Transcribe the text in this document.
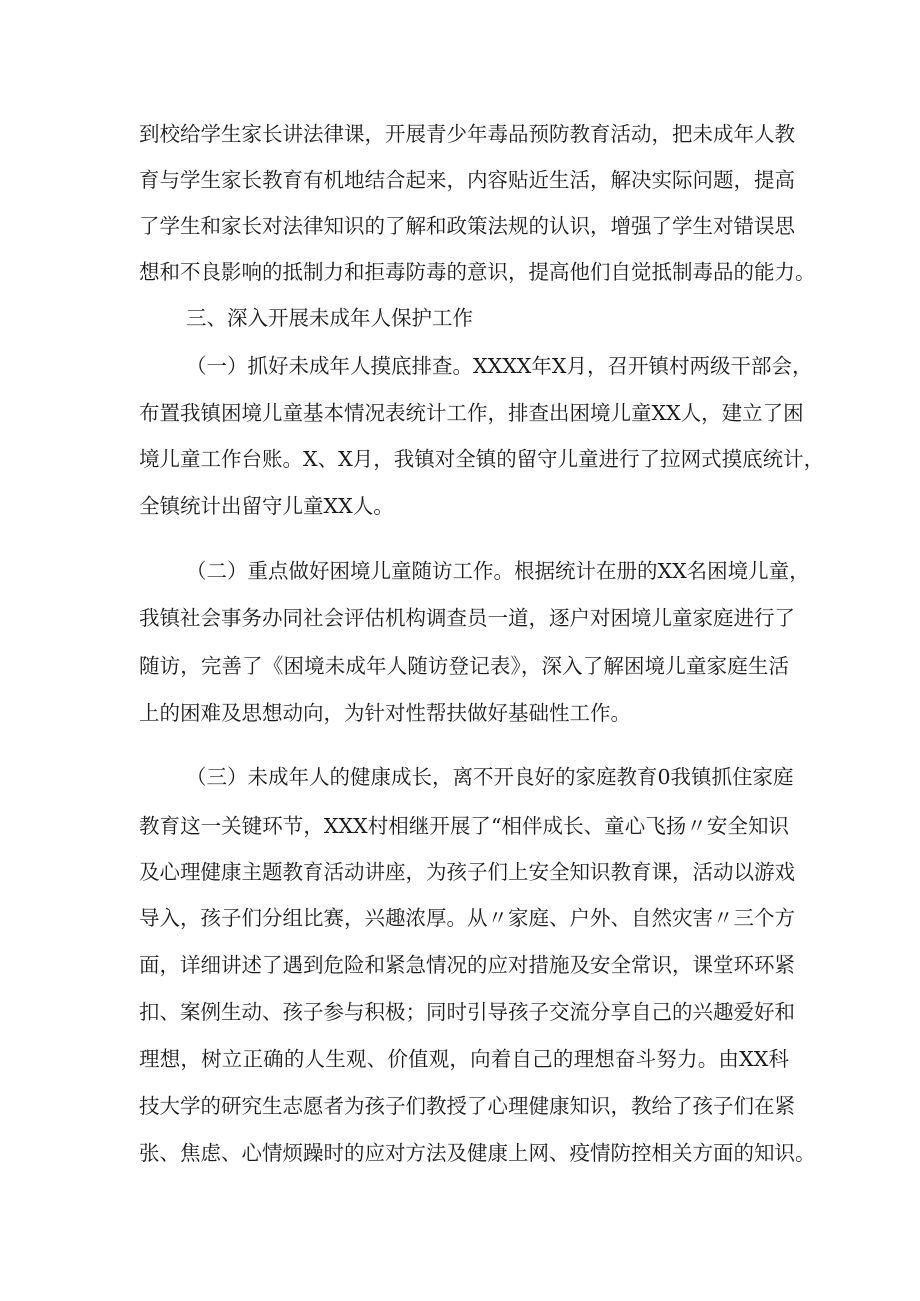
到校给学生家长讲法律课，开展青少年毒品预防教育活动，把未成年人教
育与学生家长教育有机地结合起来，内容贴近生活，解决实际问题，提高
了学生和家长对法律知识的了解和政策法规的认识，增强了学生对错误思
想和不良影响的抵制力和拒毒防毒的意识，提高他们自觉抵制毒品的能力。
三、深入开展未成年人保护工作
（一）抓好未成年人摸底排查。XXXX年X月，召开镇村两级干部会，
布置我镇困境儿童基本情况表统计工作，排查出困境儿童XX人，建立了困
境儿童工作台账。X、X月，我镇对全镇的留守儿童进行了拉网式摸底统计，
全镇统计出留守儿童XX人。
（二）重点做好困境儿童随访工作。根据统计在册的XX名困境儿童，
我镇社会事务办同社会评估机构调查员一道，逐户对困境儿童家庭进行了
随访，完善了《困境未成年人随访登记表》，深入了解困境儿童家庭生活
上的困难及思想动向，为针对性帮扶做好基础性工作。
（三）未成年人的健康成长，离不开良好的家庭教育0我镇抓住家庭
教育这一关键环节，XXX村相继开展了“相伴成长、童心飞扬〃安全知识
及心理健康主题教育活动讲座，为孩子们上安全知识教育课，活动以游戏
导入，孩子们分组比赛，兴趣浓厚。从〃家庭、户外、自然灾害〃三个方
面，详细讲述了遇到危险和紧急情况的应对措施及安全常识，课堂环环紧
扣、案例生动、孩子参与积极；同时引导孩子交流分享自己的兴趣爱好和
理想，树立正确的人生观、价值观，向着自己的理想奋斗努力。由XX科
技大学的研究生志愿者为孩子们教授了心理健康知识，教给了孩子们在紧
张、焦虑、心情烦躁时的应对方法及健康上网、疫情防控相关方面的知识。
